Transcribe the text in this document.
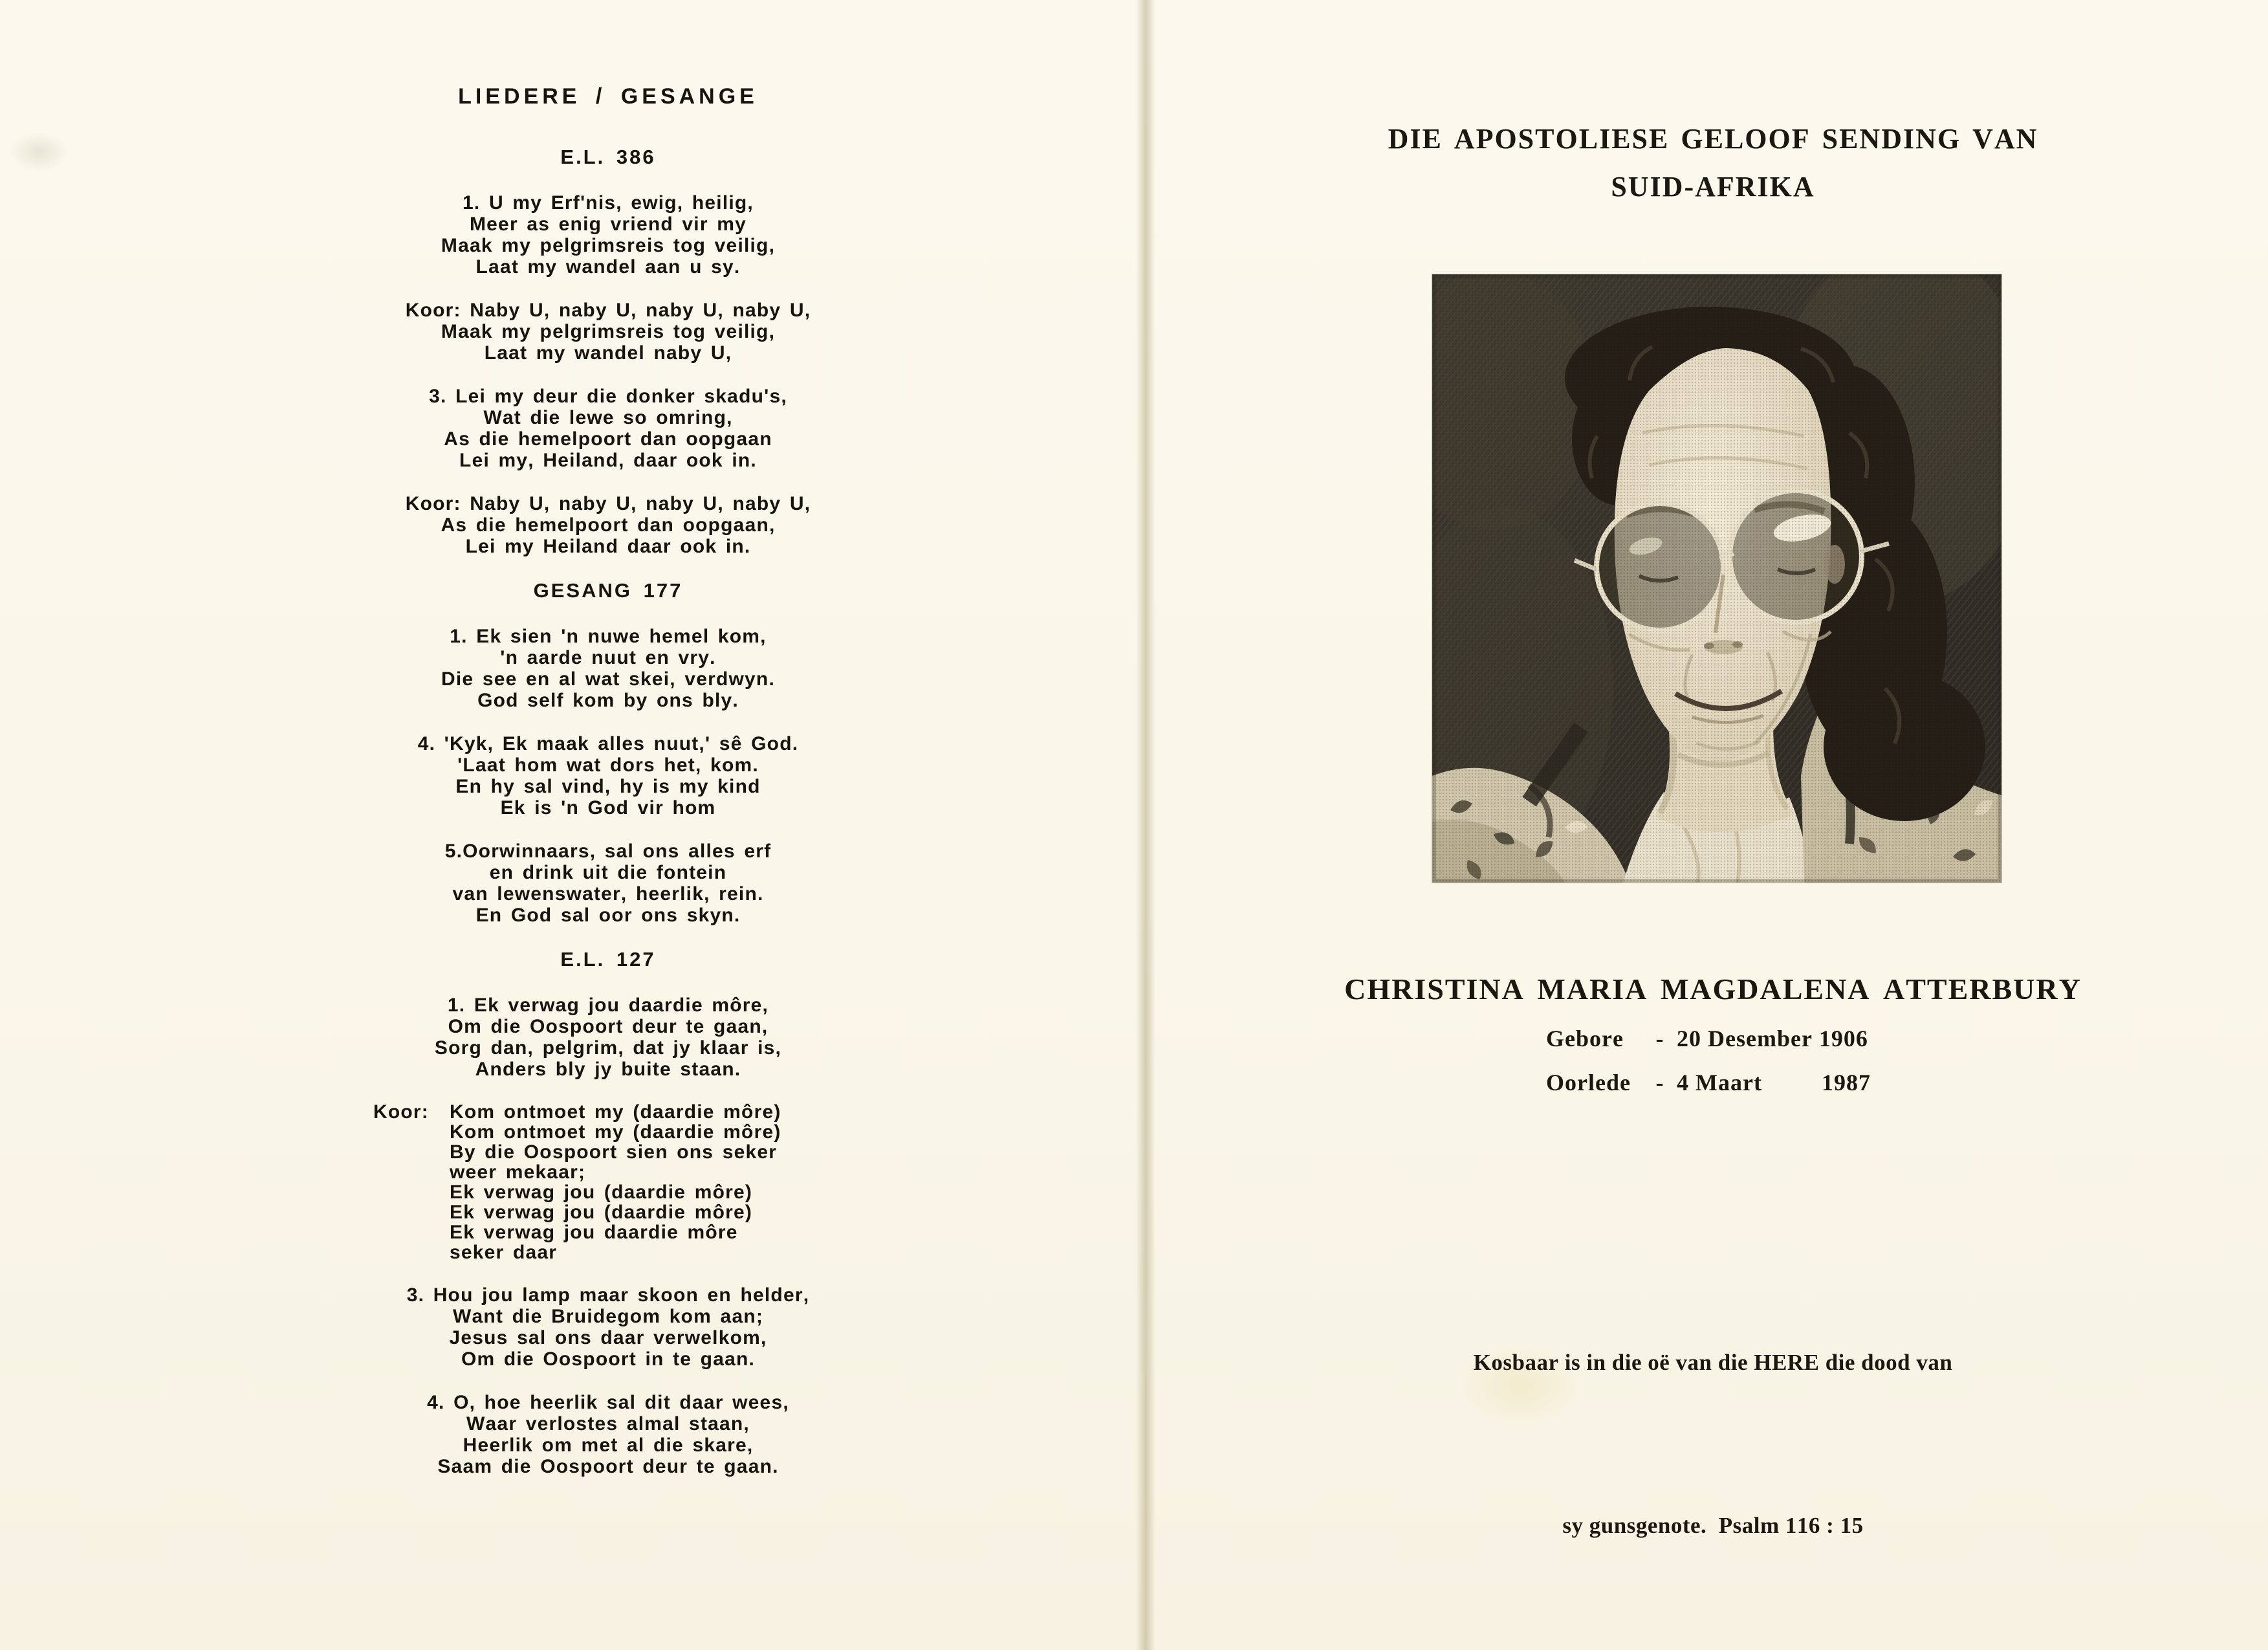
LIEDERE / GESANGE
E.L. 386
1. U my Erf'nis, ewig, heilig,
Meer as enig vriend vir my
Maak my pelgrimsreis tog veilig,
Laat my wandel aan u sy.
Koor: Naby U, naby U, naby U, naby U,
Maak my pelgrimsreis tog veilig,
Laat my wandel naby U,
3. Lei my deur die donker skadu's,
Wat die lewe so omring,
As die hemelpoort dan oopgaan
Lei my, Heiland, daar ook in.
Koor: Naby U, naby U, naby U, naby U,
As die hemelpoort dan oopgaan,
Lei my Heiland daar ook in.
GESANG 177
1. Ek sien 'n nuwe hemel kom,
'n aarde nuut en vry.
Die see en al wat skei, verdwyn.
God self kom by ons bly.
4. 'Kyk, Ek maak alles nuut,' sê God.
'Laat hom wat dors het, kom.
En hy sal vind, hy is my kind
Ek is 'n God vir hom
5.Oorwinnaars, sal ons alles erf
en drink uit die fontein
van lewenswater, heerlik, rein.
En God sal oor ons skyn.
E.L. 127
1. Ek verwag jou daardie môre,
Om die Oospoort deur te gaan,
Sorg dan, pelgrim, dat jy klaar is,
Anders bly jy buite staan.
Koor:	Kom ontmoet my (daardie môre)
Kom ontmoet my (daardie môre)
By die Oospoort sien ons seker
weer mekaar;
Ek verwag jou (daardie môre)
Ek verwag jou (daardie môre)
Ek verwag jou daardie môre
seker daar
3. Hou jou lamp maar skoon en helder,
Want die Bruidegom kom aan;
Jesus sal ons daar verwelkom,
Om die Oospoort in te gaan.
4. O, hoe heerlik sal dit daar wees,
Waar verlostes almal staan,
Heerlik om met al die skare,
Saam die Oospoort deur te gaan.
DIE APOSTOLIESE GELOOF SENDING VAN
SUID-AFRIKA
CHRISTINA MARIA MAGDALENA ATTERBURY
Gebore	- 20 Desember 1906
Oorlede	- 4 Maart	1987

Kosbaar is in die oë van die HERE die dood van

sy gunsgenote.  Psalm 116 : 15
